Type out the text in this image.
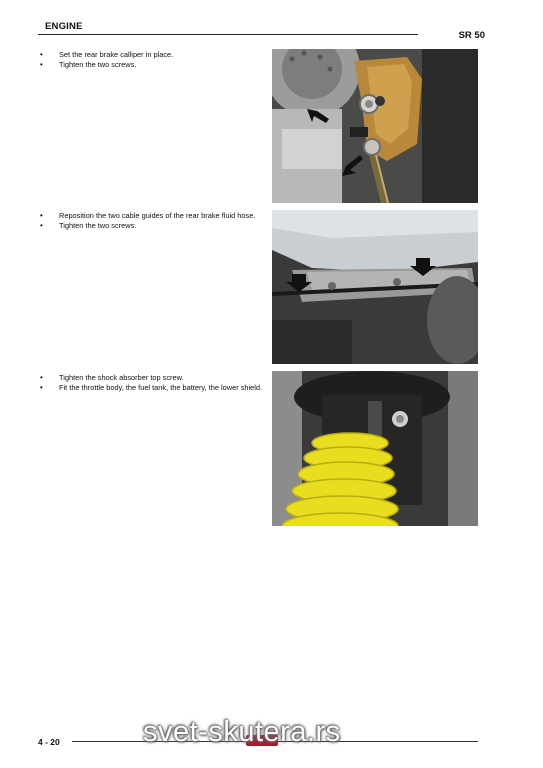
ENGINE
SR 50
• Set the rear brake calliper in place.
• Tighten the two screws.
• Reposition the two cable guides of the rear brake fluid hose.
• Tighten the two screws.
• Tighten the shock absorber top screw.
• Fit the throttle body, the fuel tank, the battery, the lower shield.
4 - 20	svet-skutera.rs
